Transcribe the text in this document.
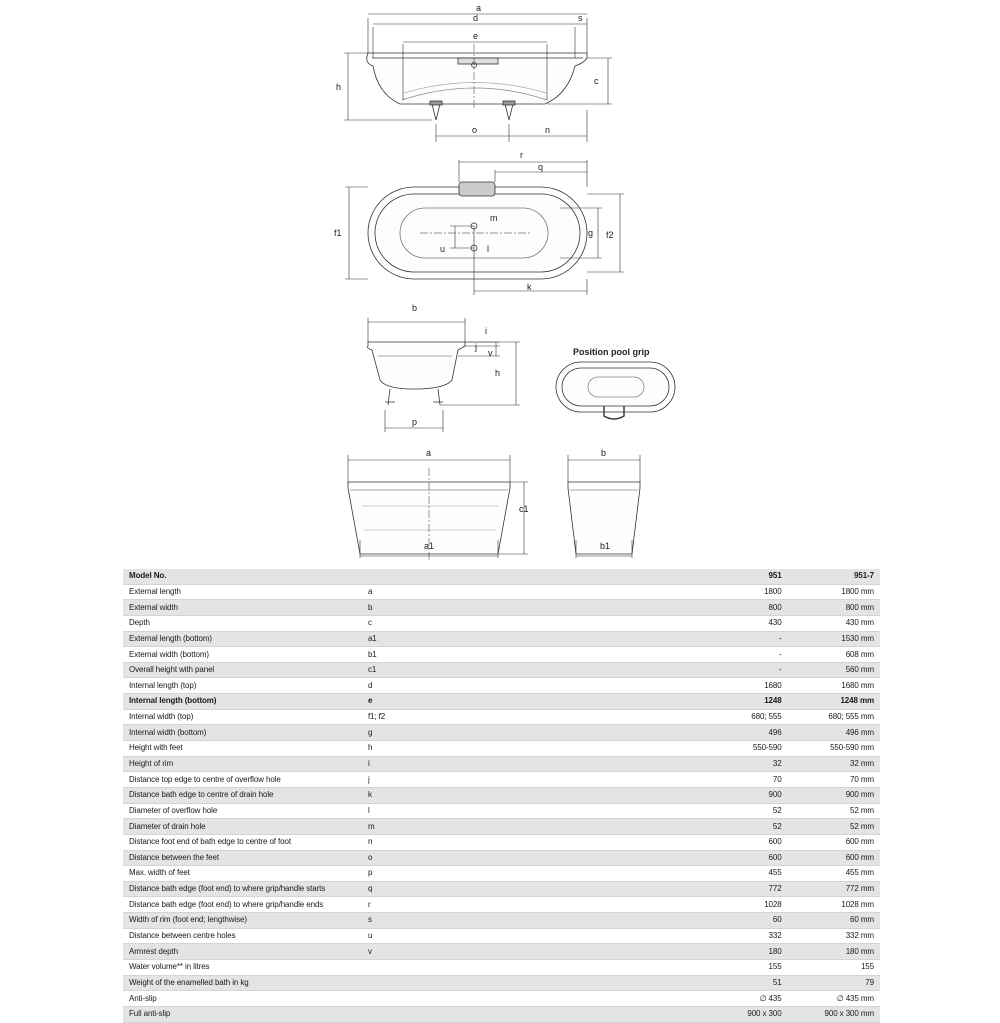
a
d	s
e
h
c
o	n
r
q
m
f1	f2
g
u	l
k
b
i
j
v
h
p
Position pool grip
a
c1
a1
b
b1
Model No.		951	951-7
External length	a	1800	1800 mm
External width	b	800	800 mm
Depth	c	430	430 mm
External length (bottom)	a1	-	1530 mm
External width (bottom)	b1	-	608 mm
Overall height with panel	c1	-	560 mm
Internal length (top)	d	1680	1680 mm
Internal length (bottom)	e	1248	1248 mm
Internal width (top)	f1; f2	680; 555	680; 555 mm
Internal width (bottom)	g	496	496 mm
Height with feet	h	550-590	550-590 mm
Height of rim	i	32	32 mm
Distance top edge to centre of overflow hole	j	70	70 mm
Distance bath edge to centre of drain hole	k	900	900 mm
Diameter of overflow hole	l	52	52 mm
Diameter of drain hole	m	52	52 mm
Distance foot end of bath edge to centre of foot	n	600	600 mm
Distance between the feet	o	600	600 mm
Max. width of feet	p	455	455 mm
Distance bath edge (foot end) to where grip/handle starts	q	772	772 mm
Distance bath edge (foot end) to where grip/handle ends	r	1028	1028 mm
Width of rim (foot end; lengthwise)	s	60	60 mm
Distance between centre holes	u	332	332 mm
Armrest depth	v	180	180 mm
Water volume** in litres		155	155
Weight of the enamelled bath in kg		51	79
Anti-slip		∅ 435	∅ 435 mm
Full anti-slip		900 x 300	900 x 300 mm
